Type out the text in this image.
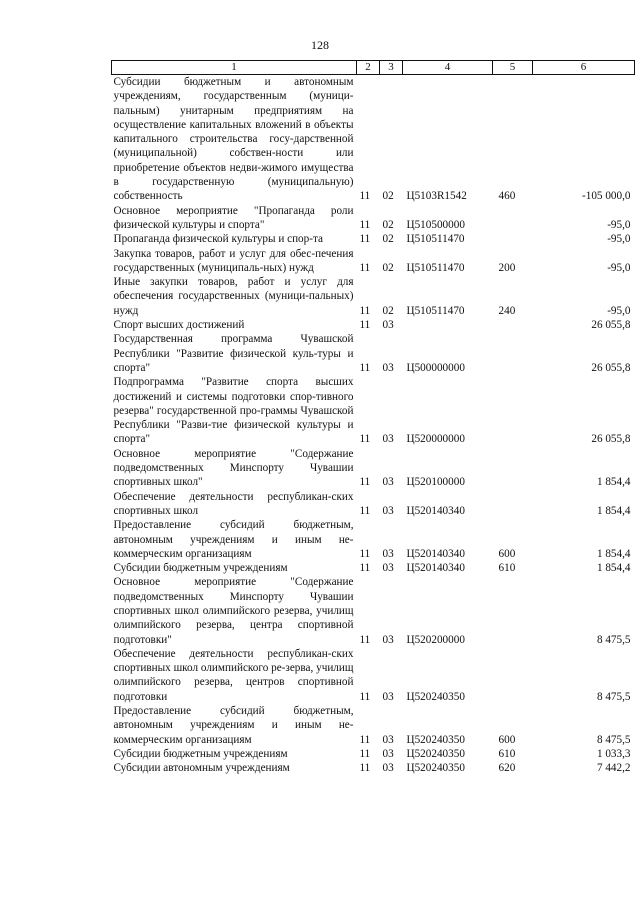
128
1	2	3	4	5	6
Субсидии бюджетным и автономным учреждениям, государственным (муници-пальным) унитарным предприятиям на осуществление капитальных вложений в объекты капитального строительства госу-дарственной (муниципальной) собствен-ности или приобретение объектов недви-жимого имущества в государственную (муниципальную) собственность	11	02	Ц5103R1542	460	-105 000,0
Основное мероприятие "Пропаганда роли физической культуры и спорта"	11	02	Ц510500000		-95,0
Пропаганда физической культуры и спор-та	11	02	Ц510511470		-95,0
Закупка товаров, работ и услуг для обес-печения государственных (муниципаль-ных) нужд	11	02	Ц510511470	200	-95,0
Иные закупки товаров, работ и услуг для обеспечения государственных (муници-пальных) нужд	11	02	Ц510511470	240	-95,0
Спорт высших достижений	11	03			26 055,8
Государственная программа Чувашской Республики "Развитие физической куль-туры и спорта"	11	03	Ц500000000		26 055,8
Подпрограмма "Развитие спорта высших достижений и системы подготовки спор-тивного резерва" государственной про-граммы Чувашской Республики "Разви-тие физической культуры и спорта"	11	03	Ц520000000		26 055,8
Основное мероприятие "Содержание подведомственных Минспорту Чувашии спортивных школ"	11	03	Ц520100000		1 854,4
Обеспечение деятельности республикан-ских спортивных школ	11	03	Ц520140340		1 854,4
Предоставление субсидий бюджетным, автономным учреждениям и иным не-коммерческим организациям	11	03	Ц520140340	600	1 854,4
Субсидии бюджетным учреждениям	11	03	Ц520140340	610	1 854,4
Основное мероприятие "Содержание подведомственных Минспорту Чувашии спортивных школ олимпийского резерва, училищ олимпийского резерва, центра спортивной подготовки"	11	03	Ц520200000		8 475,5
Обеспечение деятельности республикан-ских спортивных школ олимпийского ре-зерва, училищ олимпийского резерва, центров спортивной подготовки	11	03	Ц520240350		8 475,5
Предоставление субсидий бюджетным, автономным учреждениям и иным не-коммерческим организациям	11	03	Ц520240350	600	8 475,5
Субсидии бюджетным учреждениям	11	03	Ц520240350	610	1 033,3
Субсидии автономным учреждениям	11	03	Ц520240350	620	7 442,2
